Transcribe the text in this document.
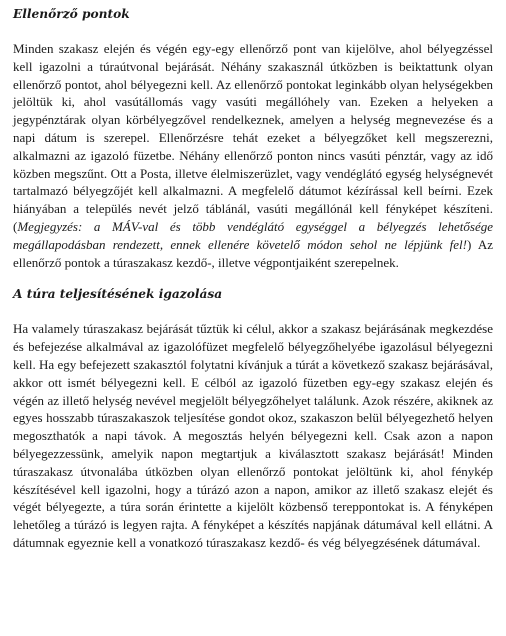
Ellenőrző pontok

Minden szakasz elején és végén egy-egy ellenőrző pont van kijelölve, ahol bélyegzéssel kell igazolni a túraútvonal bejárását. Néhány szakasznál útközben is beiktattunk olyan ellenőrző pontot, ahol bélyegezni kell. Az ellenőrző pontokat leginkább olyan helységekben jelöltük ki, ahol vasútállomás vagy vasúti megállóhely van. Ezeken a helyeken a jegypénztárak olyan körbélyegzővel rendelkeznek, amelyen a helység megnevezése és a napi dátum is szerepel. Ellenőrzésre tehát ezeket a bélyegzőket kell megszerezni, alkalmazni az igazoló füzetbe. Néhány ellenőrző ponton nincs vasúti pénztár, vagy az idő közben megszűnt. Ott a Posta, illetve élelmiszerüzlet, vagy vendéglátó egység helységnevét tartalmazó bélyegzőjét kell alkalmazni. A megfelelő dátumot kézírással kell beírni. Ezek hiányában a település nevét jelző táblánál, vasúti megállónál kell fényképet készíteni. (Megjegyzés: a MÁV-val és több vendéglátó egységgel a bélyegzés lehetősége megállapodásban rendezett, ennek ellenére követelő módon sehol ne lépjünk fel!) Az ellenőrző pontok a túraszakasz kezdő-, illetve végpontjaiként szerepelnek.

A túra teljesítésének igazolása

Ha valamely túraszakasz bejárását tűztük ki célul, akkor a szakasz bejárásának megkezdése és befejezése alkalmával az igazolófüzet megfelelő bélyegzőhelyébe igazolásul bélyegezni kell. Ha egy befejezett szakasztól folytatni kívánjuk a túrát a következő szakasz bejárásával, akkor ott ismét bélyegezni kell. E célból az igazoló füzetben egy-egy szakasz elején és végén az illető helység nevével megjelölt bélyegzőhelyet találunk. Azok részére, akiknek az egyes hosszabb túraszakaszok teljesítése gondot okoz, szakaszon belül bélyegezhető helyen megoszthatók a napi távok. A megosztás helyén bélyegezni kell. Csak azon a napon bélyegezzessünk, amelyik napon megtartjuk a kiválasztott szakasz bejárását! Minden túraszakasz útvonalába útközben olyan ellenőrző pontokat jelöltünk ki, ahol fénykép készítésével kell igazolni, hogy a túrázó azon a napon, amikor az illető szakasz elejét és végét bélyegezte, a túra során érintette a kijelölt közbenső tereppontokat is. A fényképen lehetőleg a túrázó is legyen rajta. A fényképet a készítés napjának dátumával kell ellátni. A dátumnak egyeznie kell a vonatkozó túraszakasz kezdő- és vég bélyegzésének dátumával.
